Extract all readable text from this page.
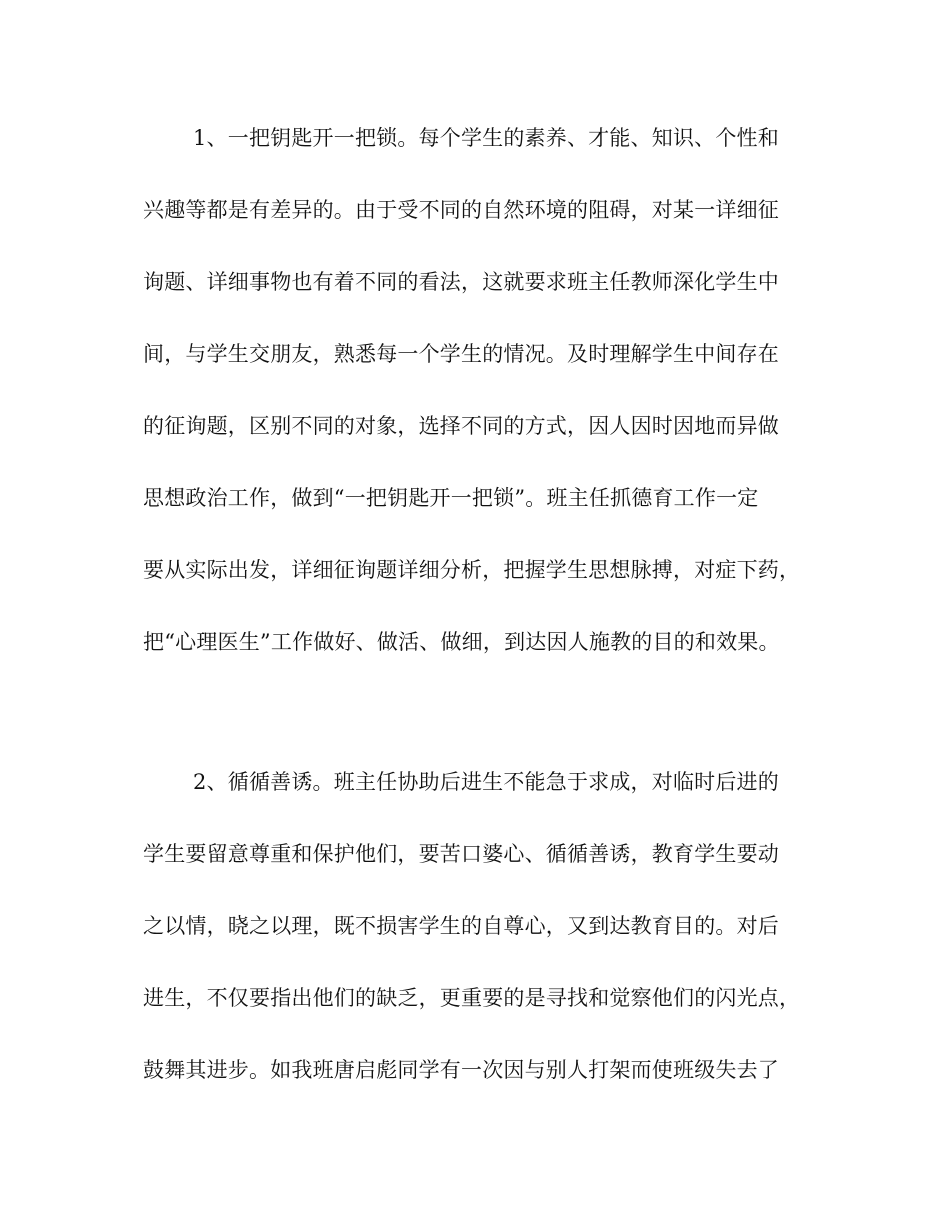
1、一把钥匙开一把锁。每个学生的素养、才能、知识、个性和
兴趣等都是有差异的。由于受不同的自然环境的阻碍，对某一详细征
询题、详细事物也有着不同的看法，这就要求班主任教师深化学生中
间，与学生交朋友，熟悉每一个学生的情况。及时理解学生中间存在
的征询题，区别不同的对象，选择不同的方式，因人因时因地而异做
思想政治工作，做到“一把钥匙开一把锁”。班主任抓德育工作一定
要从实际出发，详细征询题详细分析，把握学生思想脉搏，对症下药，
把“心理医生”工作做好、做活、做细，到达因人施教的目的和效果。
2、循循善诱。班主任协助后进生不能急于求成，对临时后进的
学生要留意尊重和保护他们，要苦口婆心、循循善诱，教育学生要动
之以情，晓之以理，既不损害学生的自尊心，又到达教育目的。对后
进生，不仅要指出他们的缺乏，更重要的是寻找和觉察他们的闪光点，
鼓舞其进步。如我班唐启彪同学有一次因与别人打架而使班级失去了
